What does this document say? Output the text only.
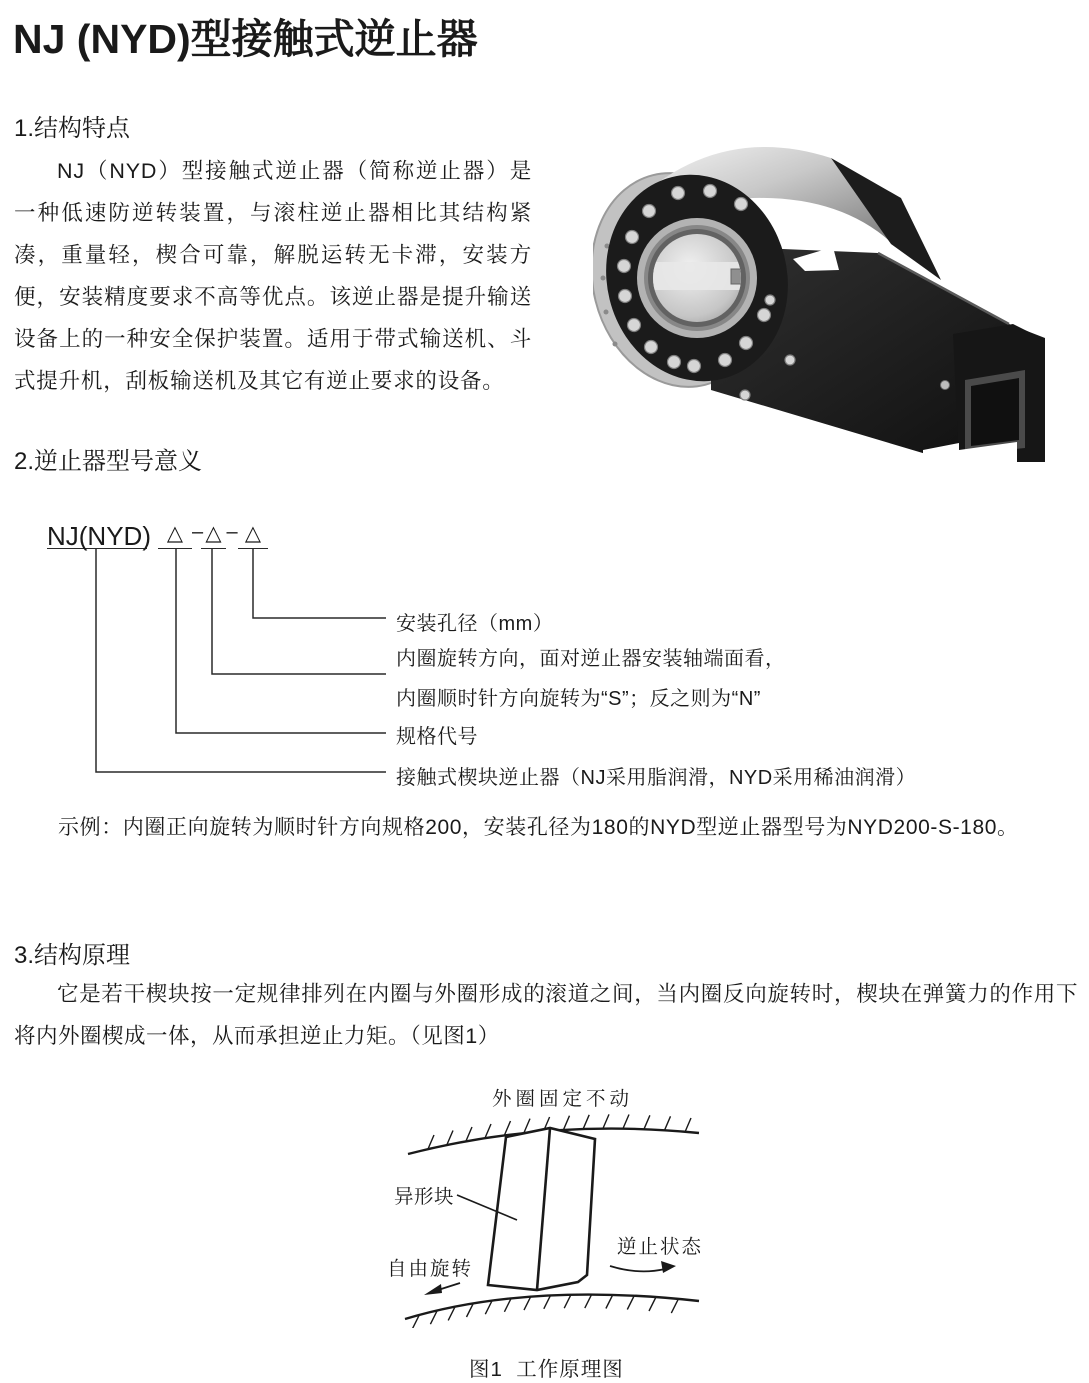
NJ (NYD)型接触式逆止器
1.结构特点
NJ（NYD）型接触式逆止器（简称逆止器）是一种低速防逆转装置，与滚柱逆止器相比其结构紧凑，重量轻，楔合可靠，解脱运转无卡滞，安装方便，安装精度要求不高等优点。该逆止器是提升输送设备上的一种安全保护装置。适用于带式输送机、斗式提升机，刮板输送机及其它有逆止要求的设备。
2.逆止器型号意义
NJ(NYD) △ – △ – △
安装孔径（mm）
内圈旋转方向，面对逆止器安装轴端面看，
内圈顺时针方向旋转为“S”；反之则为“N”
规格代号
接触式楔块逆止器（NJ采用脂润滑，NYD采用稀油润滑）
示例：内圈正向旋转为顺时针方向规格200，安装孔径为180的NYD型逆止器型号为NYD200-S-180。
3.结构原理
它是若干楔块按一定规律排列在内圈与外圈形成的滚道之间，当内圈反向旋转时，楔块在弹簧力的作用下将内外圈楔成一体，从而承担逆止力矩。（见图1）
外圈固定不动
异形块
逆止状态
自由旋转
图1  工作原理图
